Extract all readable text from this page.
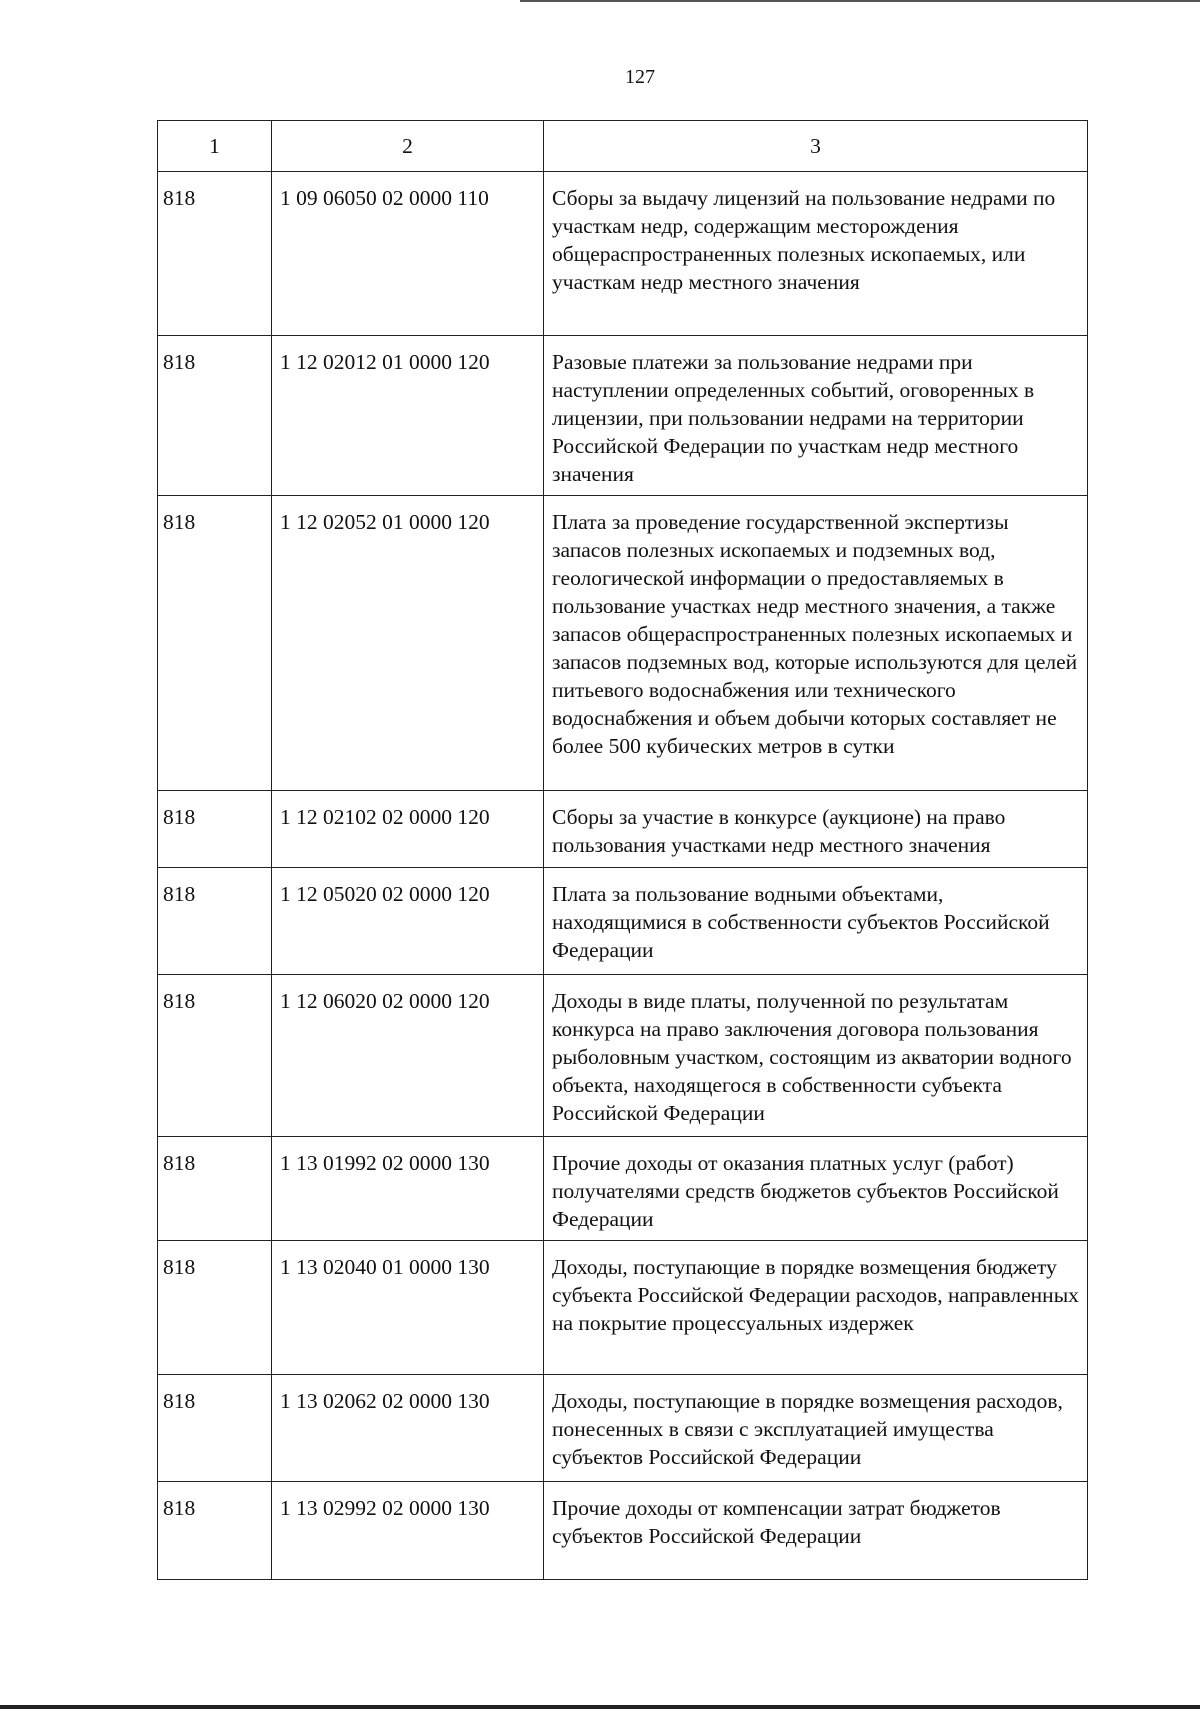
127
1	2	3
818	1 09 06050 02 0000 110	Сборы за выдачу лицензий на пользование недрами по участкам недр, содержащим месторождения общераспространенных полезных ископаемых, или участкам недр местного значения
818	1 12 02012 01 0000 120	Разовые платежи за пользование недрами при наступлении определенных событий, оговоренных в лицензии, при пользовании недрами на территории Российской Федерации по участкам недр местного значения
818	1 12 02052 01 0000 120	Плата за проведение государственной экспертизы запасов полезных ископаемых и подземных вод, геологической информации о предоставляемых в пользование участках недр местного значения, а также запасов общераспространенных полезных ископаемых и запасов подземных вод, которые используются для целей питьевого водоснабжения или технического водоснабжения и объем добычи которых составляет не более 500 кубических метров в сутки
818	1 12 02102 02 0000 120	Сборы за участие в конкурсе (аукционе) на право пользования участками недр местного значения
818	1 12 05020 02 0000 120	Плата за пользование водными объектами, находящимися в собственности субъектов Российской Федерации
818	1 12 06020 02 0000 120	Доходы в виде платы, полученной по результатам конкурса на право заключения договора пользования рыболовным участком, состоящим из акватории водного объекта, находящегося в собственности субъекта Российской Федерации
818	1 13 01992 02 0000 130	Прочие доходы от оказания платных услуг (работ) получателями средств бюджетов субъектов Российской Федерации
818	1 13 02040 01 0000 130	Доходы, поступающие в порядке возмещения бюджету субъекта Российской Федерации расходов, направленных на покрытие процессуальных издержек
818	1 13 02062 02 0000 130	Доходы, поступающие в порядке возмещения расходов, понесенных в связи с эксплуатацией имущества субъектов Российской Федерации
818	1 13 02992 02 0000 130	Прочие доходы от компенсации затрат бюджетов субъектов Российской Федерации
